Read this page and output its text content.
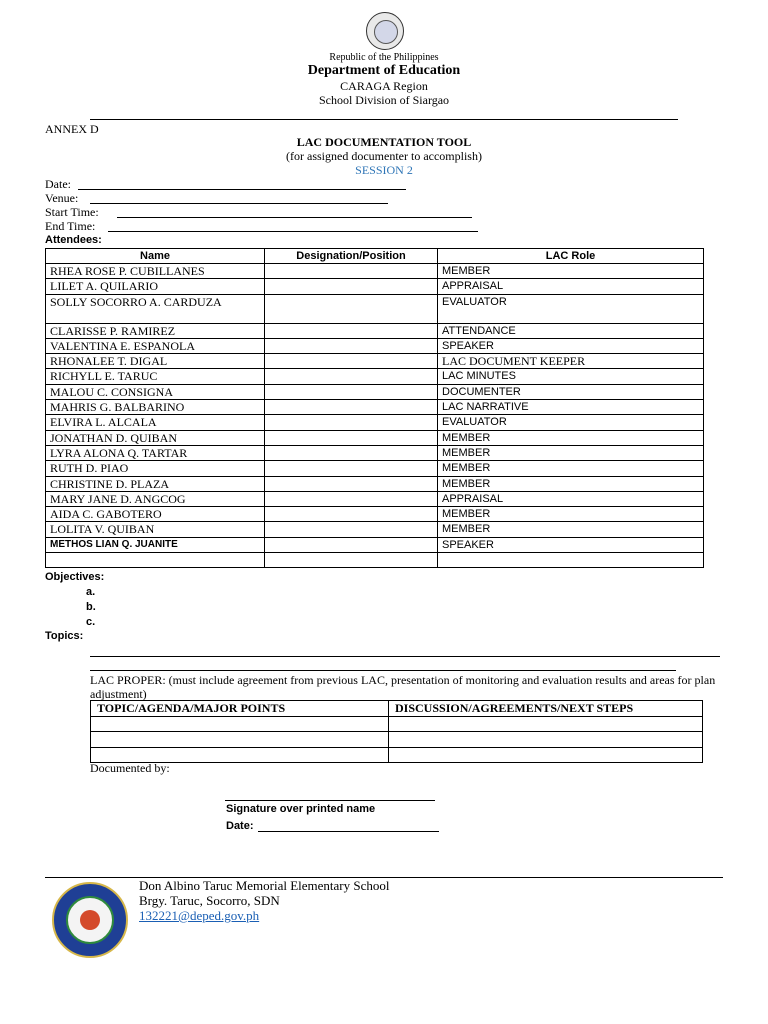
Republic of the Philippines
Department of Education
CARAGA Region
School Division of Siargao
ANNEX D
LAC DOCUMENTATION TOOL
(for assigned documenter to accomplish)
SESSION 2
Date:
Venue:
Start Time:
End Time:
Attendees:
Name	Designation/Position	LAC Role
RHEA ROSE P. CUBILLANES		MEMBER
LILET A. QUILARIO		APPRAISAL
SOLLY SOCORRO A. CARDUZA		EVALUATOR
CLARISSE P. RAMIREZ		ATTENDANCE
VALENTINA E. ESPANOLA		SPEAKER
RHONALEE T. DIGAL		LAC DOCUMENT KEEPER
RICHYLL E. TARUC		LAC MINUTES
MALOU C. CONSIGNA		DOCUMENTER
MAHRIS G. BALBARINO		LAC NARRATIVE
ELVIRA L. ALCALA		EVALUATOR
JONATHAN D. QUIBAN		MEMBER
LYRA ALONA Q. TARTAR		MEMBER
RUTH D. PIAO		MEMBER
CHRISTINE D. PLAZA		MEMBER
MARY JANE D. ANGCOG		APPRAISAL
AIDA C. GABOTERO		MEMBER
LOLITA V. QUIBAN		MEMBER
METHOS LIAN Q. JUANITE		SPEAKER

Objectives:
a.
b.
c.
Topics:
LAC PROPER: (must include agreement from previous LAC, presentation of monitoring and evaluation results and areas for plan adjustment)
TOPIC/AGENDA/MAJOR POINTS	DISCUSSION/AGREEMENTS/NEXT STEPS

Documented by:
Signature over printed name
Date:
Don Albino Taruc Memorial Elementary School
Brgy. Taruc, Socorro, SDN
132221@deped.gov.ph
